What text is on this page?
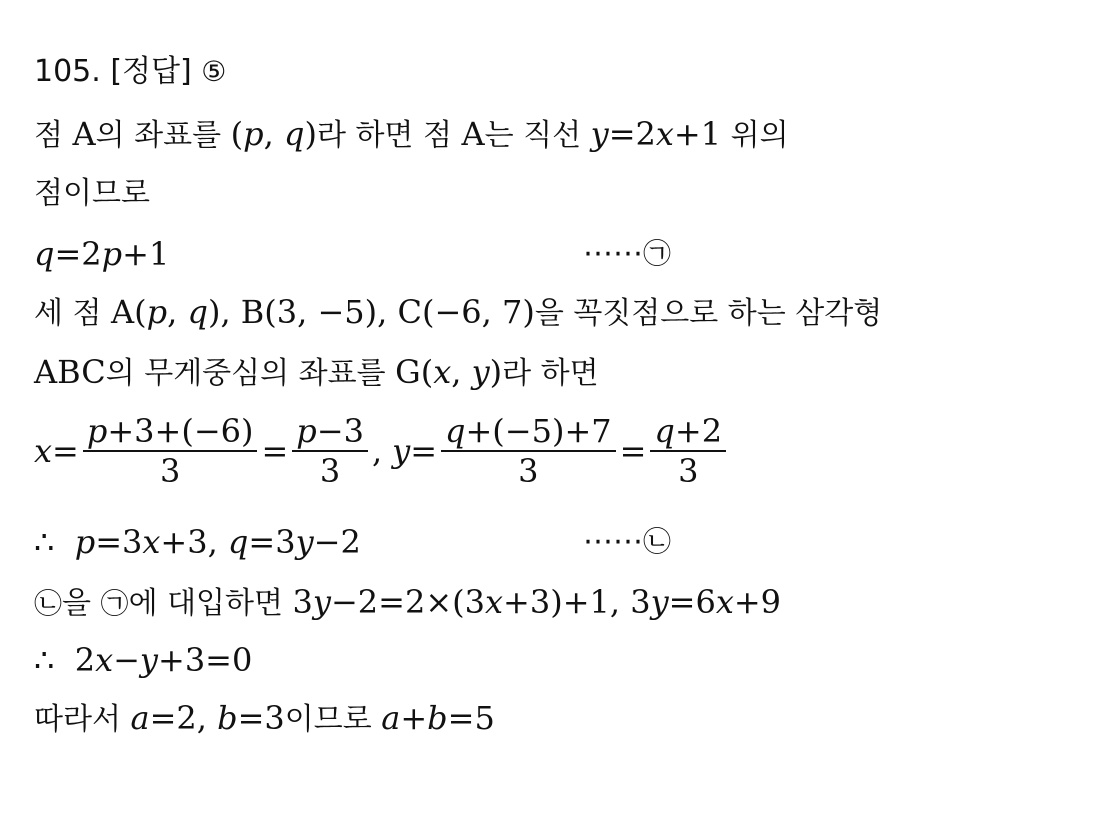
105. [정답] ⑤
점 A의 좌표를 (p, q)라 하면 점 A는 직선 y=2x+1 위의
점이므로
q=2p+1	⋯⋯㉠
세 점 A(p, q), B(3, −5), C(−6, 7)을 꼭짓점으로 하는 삼각형
ABC의 무게중심의 좌표를 G(x, y)라 하면
$x = \frac{p+3+(-6)}{3} = \frac{p-3}{3}$ , $y = \frac{q+(-5)+7}{3} = \frac{q+2}{3}$
∴ p=3x+3, q=3y−2	⋯⋯㉡
㉡을 ㉠에 대입하면 3y−2=2×(3x+3)+1, 3y=6x+9
∴ 2x−y+3=0
따라서 a=2, b=3이므로 a+b=5
